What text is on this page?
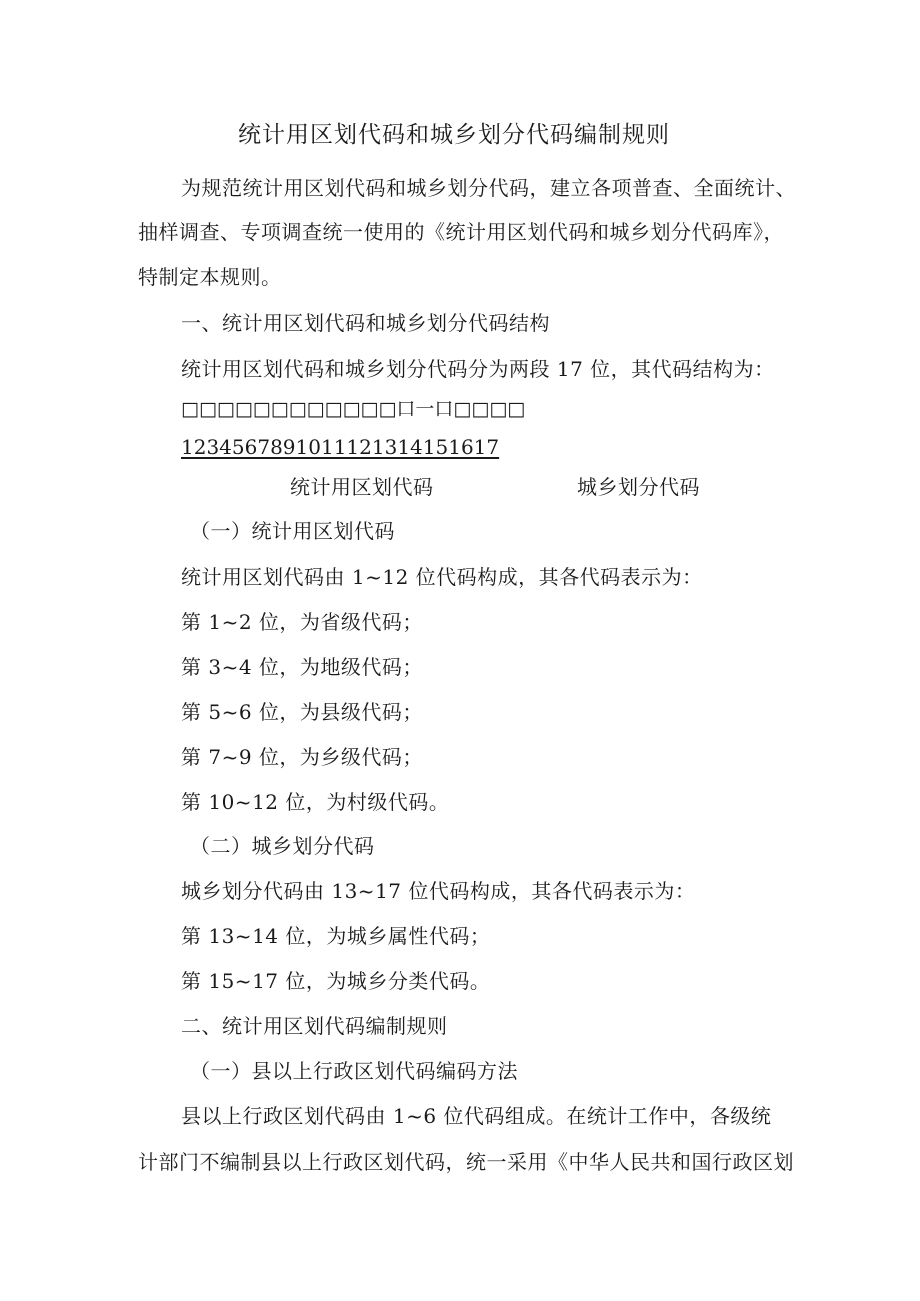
统计用区划代码和城乡划分代码编制规则
为规范统计用区划代码和城乡划分代码，建立各项普查、全面统计、
抽样调查、专项调查统一使用的《统计用区划代码和城乡划分代码库》，
特制定本规则。
一、统计用区划代码和城乡划分代码结构
统计用区划代码和城乡划分代码分为两段 17 位，其代码结构为：
□□□□□□□□□□□□口一口□□□□
1234567891011121314151617
统计用区划代码	城乡划分代码
（一）统计用区划代码
统计用区划代码由 1~12 位代码构成，其各代码表示为：
第 1~2 位，为省级代码；
第 3~4 位，为地级代码；
第 5~6 位，为县级代码；
第 7~9 位，为乡级代码；
第 10~12 位，为村级代码。
（二）城乡划分代码
城乡划分代码由 13~17 位代码构成，其各代码表示为：
第 13~14 位，为城乡属性代码；
第 15~17 位，为城乡分类代码。
二、统计用区划代码编制规则
（一）县以上行政区划代码编码方法
县以上行政区划代码由 1~6 位代码组成。在统计工作中，各级统
计部门不编制县以上行政区划代码，统一采用《中华人民共和国行政区划
